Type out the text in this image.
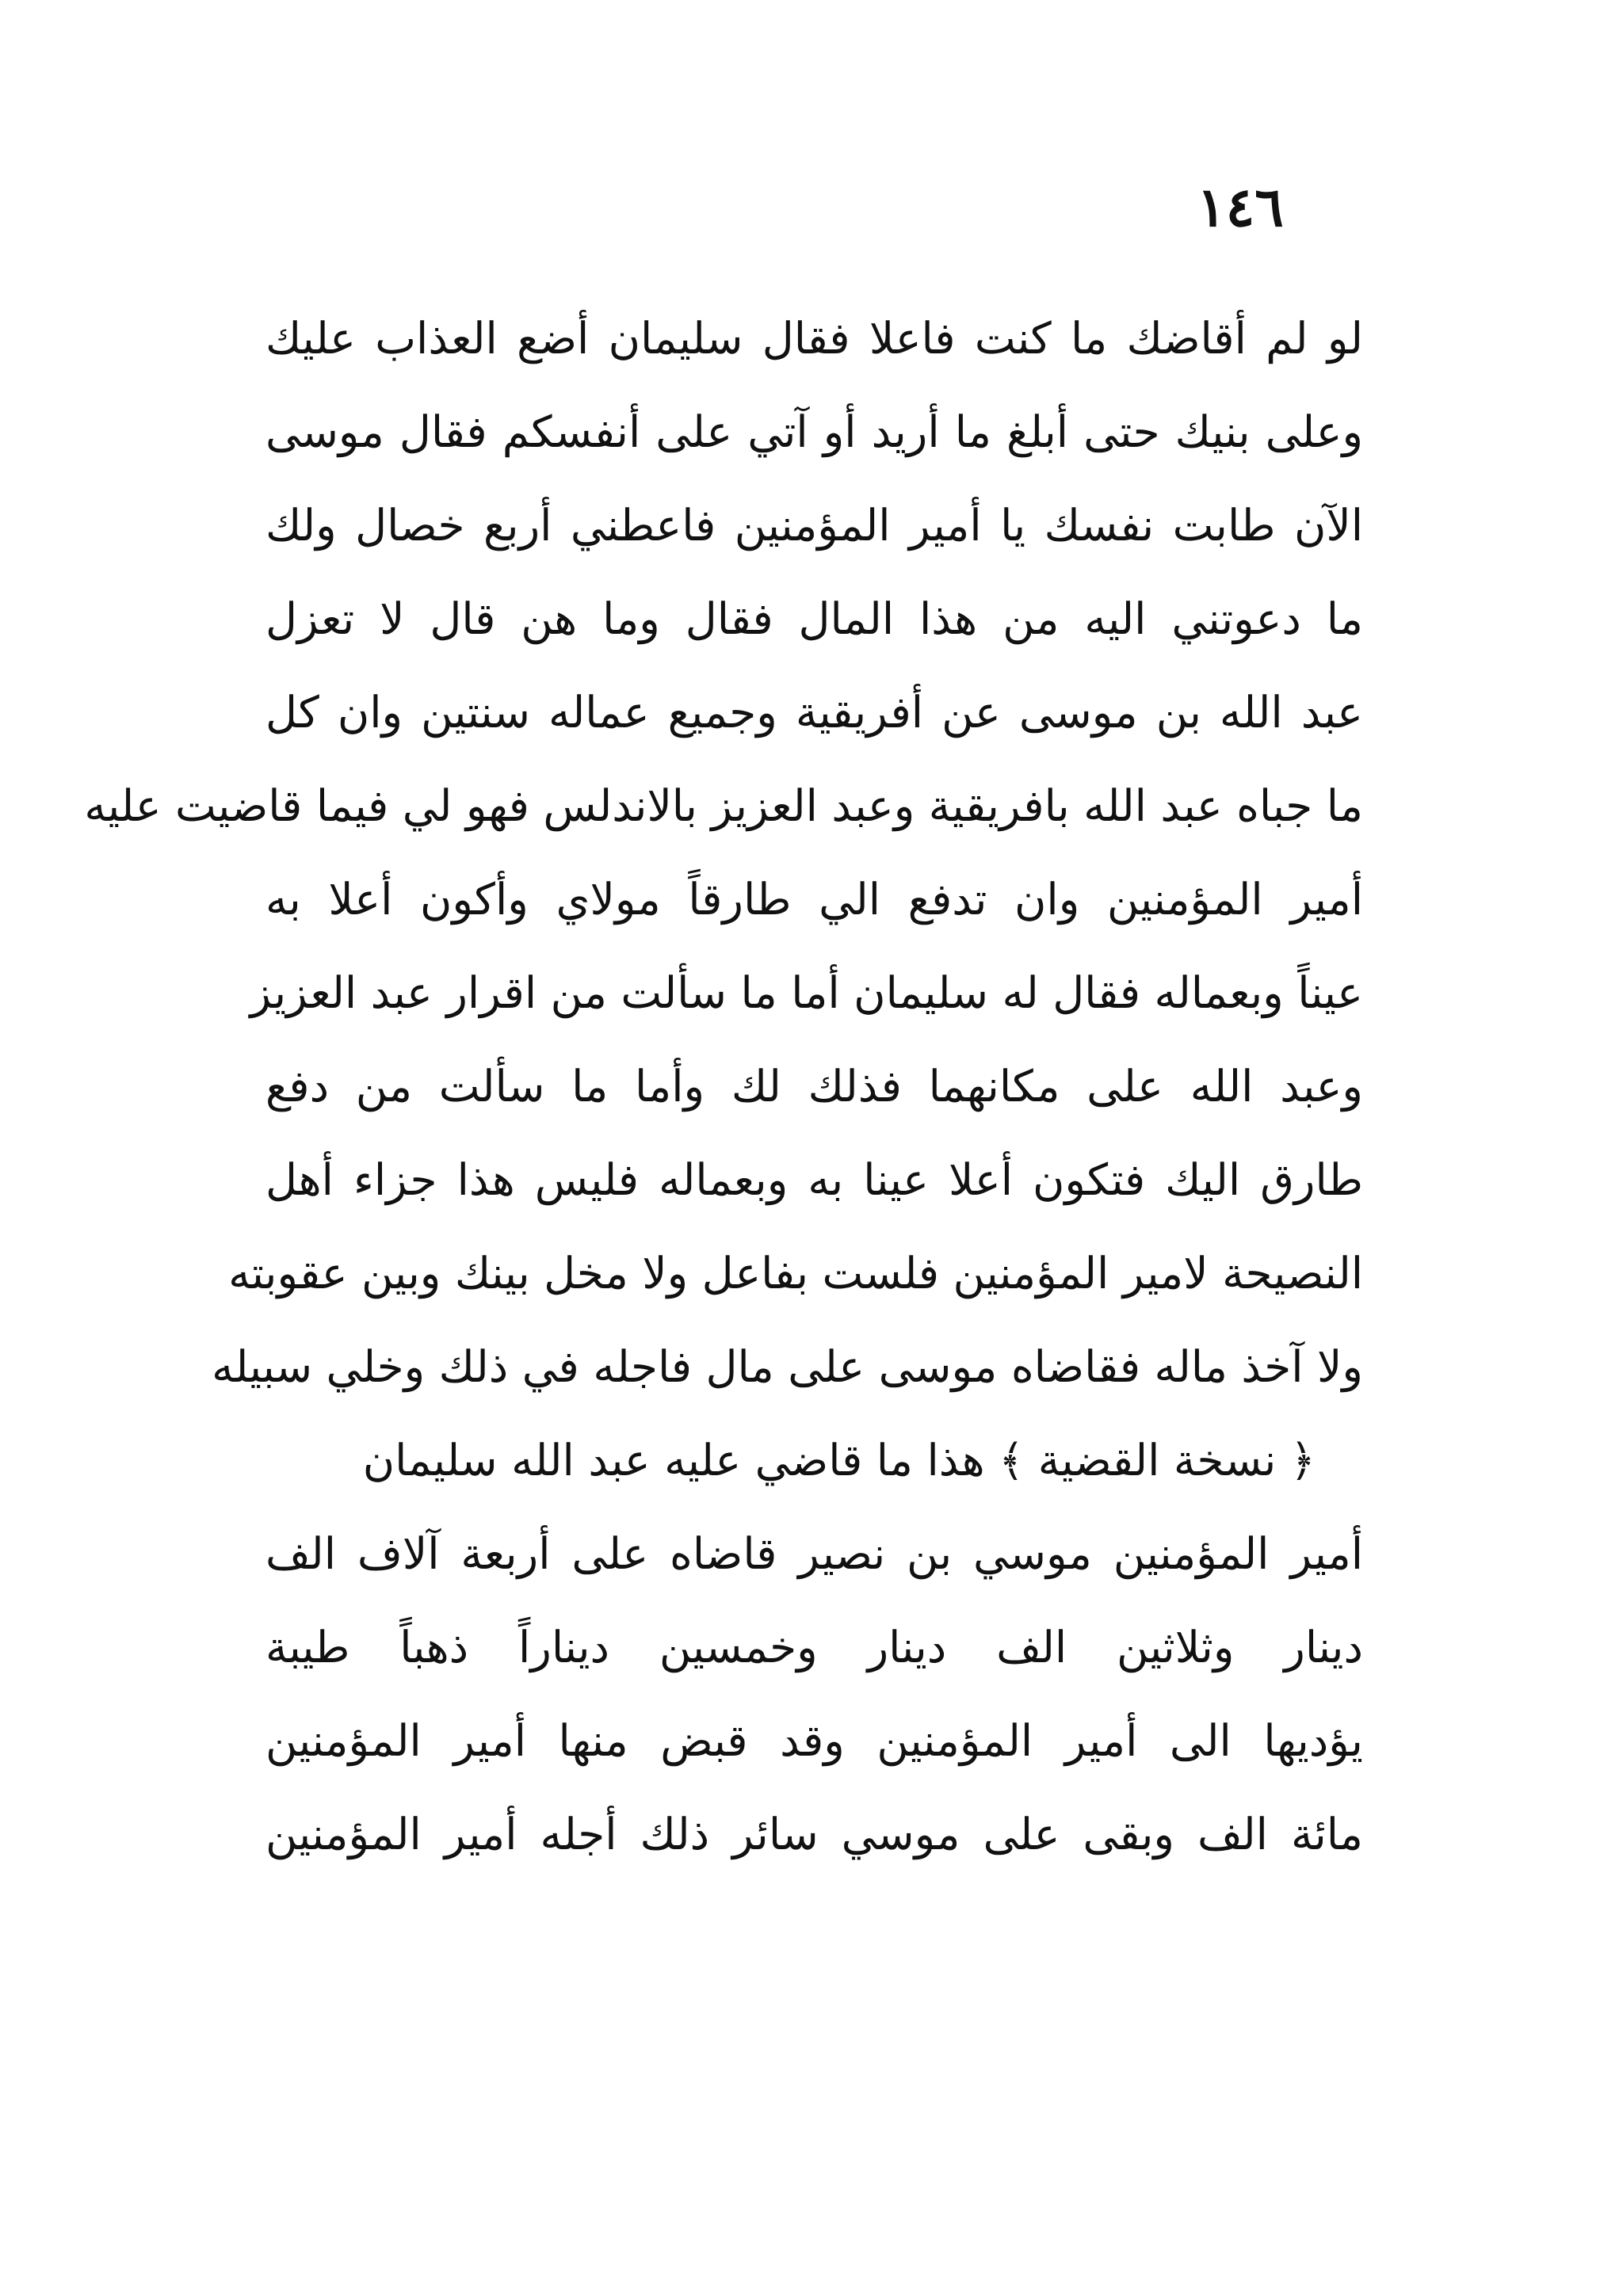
١٤٦
لو لم أقاضك ما كنت فاعلا فقال سليمان أضع العذاب عليك
وعلى بنيك حتى أبلغ ما أريد أو آتي على أنفسكم فقال موسى
الآن طابت نفسك يا أمير المؤمنين فاعطني أربع خصال ولك
ما دعوتني اليه من هذا المال فقال وما هن قال لا تعزل
عبد الله بن موسى عن أفريقية وجميع عماله سنتين وان كل
ما جباه عبد الله بافريقية وعبد العزيز بالاندلس فهو لي فيما قاضيت عليه
أمير المؤمنين وان تدفع الي طارقاً مولاي وأكون أعلا به
عيناً وبعماله فقال له سليمان أما ما سألت من اقرار عبد العزيز
وعبد الله على مكانهما فذلك لك وأما ما سألت من دفع
طارق اليك فتكون أعلا عينا به وبعماله فليس هذا جزاء أهل
النصيحة لامير المؤمنين فلست بفاعل ولا مخل بينك وبين عقوبته
ولا آخذ ماله فقاضاه موسى على مال فاجله في ذلك وخلي سبيله
﴿ نسخة القضية ﴾ هذا ما قاضي عليه عبد الله سليمان
أمير المؤمنين موسي بن نصير قاضاه على أربعة آلاف الف
دينار وثلاثين الف دينار وخمسين ديناراً ذهباً طيبة
يؤديها الى أمير المؤمنين وقد قبض منها أمير المؤمنين
مائة الف وبقى على موسي سائر ذلك أجله أمير المؤمنين
